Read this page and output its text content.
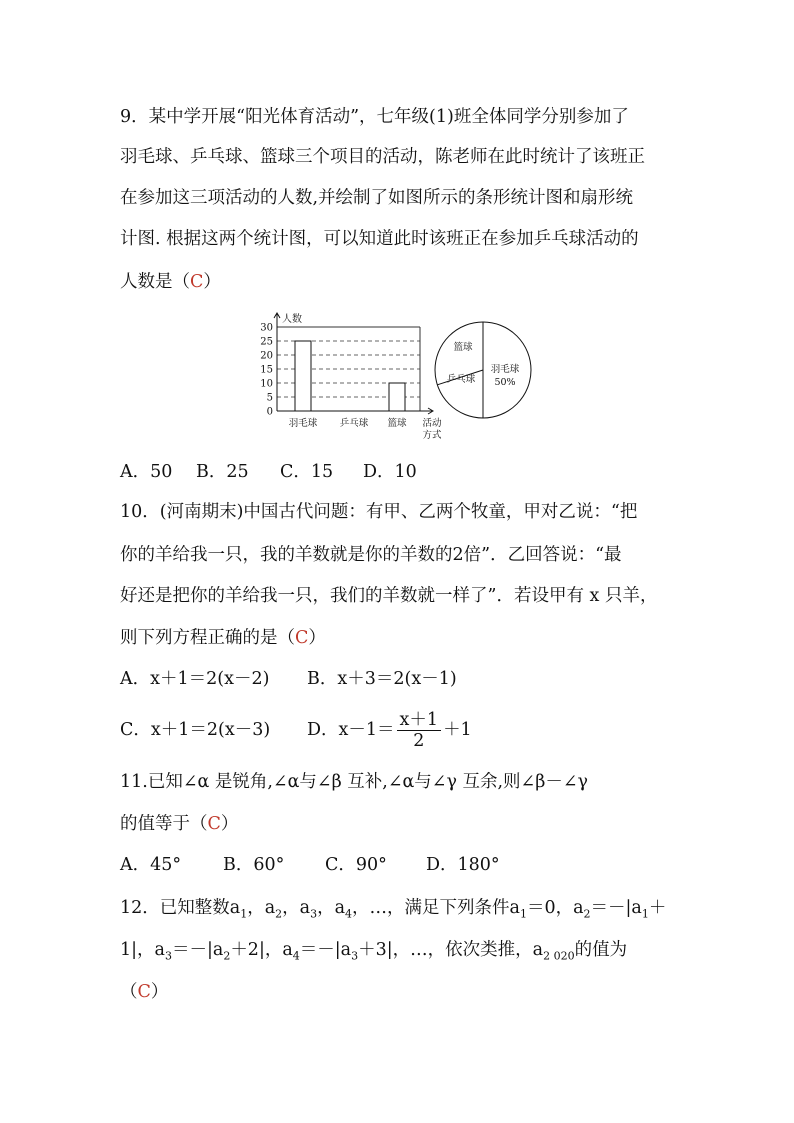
9．某中学开展“阳光体育活动”，七年级(1)班全体同学分别参加了
羽毛球、乒乓球、篮球三个项目的活动，陈老师在此时统计了该班正
在参加这三项活动的人数,并绘制了如图所示的条形统计图和扇形统
计图. 根据这两个统计图，可以知道此时该班正在参加乒乓球活动的
人数是（C）
0
5
10
15
20
25
30
人数
羽毛球 乒乓球 篮球 活动
方式
羽毛球
篮球
乒乓球 50%
A．50 B．25 C．15 D．10
10．(河南期末)中国古代问题：有甲、乙两个牧童，甲对乙说：“把
你的羊给我一只，我的羊数就是你的羊数的2倍”．乙回答说：“最
好还是把你的羊给我一只，我们的羊数就一样了”．若设甲有 x 只羊，
则下列方程正确的是（C）
A．x＋1＝2(x－2) B．x＋3＝2(x－1)
C．x＋1＝2(x－3) D．$x-1= \frac{x+1}{2} +1$
11.已知∠α 是锐角,∠α与∠β 互补,∠α与∠γ 互余,则∠β－∠γ
的值等于（C）
A．45° B．60° C．90° D．180°
12．已知整数$a_1$，$a_2$，$a_3$，$a_4$，…，满足下列条件$a_1=0$，$a_2=-|a_1+$
1|，$a_3=-|a_2+2|$，$a_4=-|a_3+3|$，…，依次类推，$a_{2 020}$的值为
（C）
